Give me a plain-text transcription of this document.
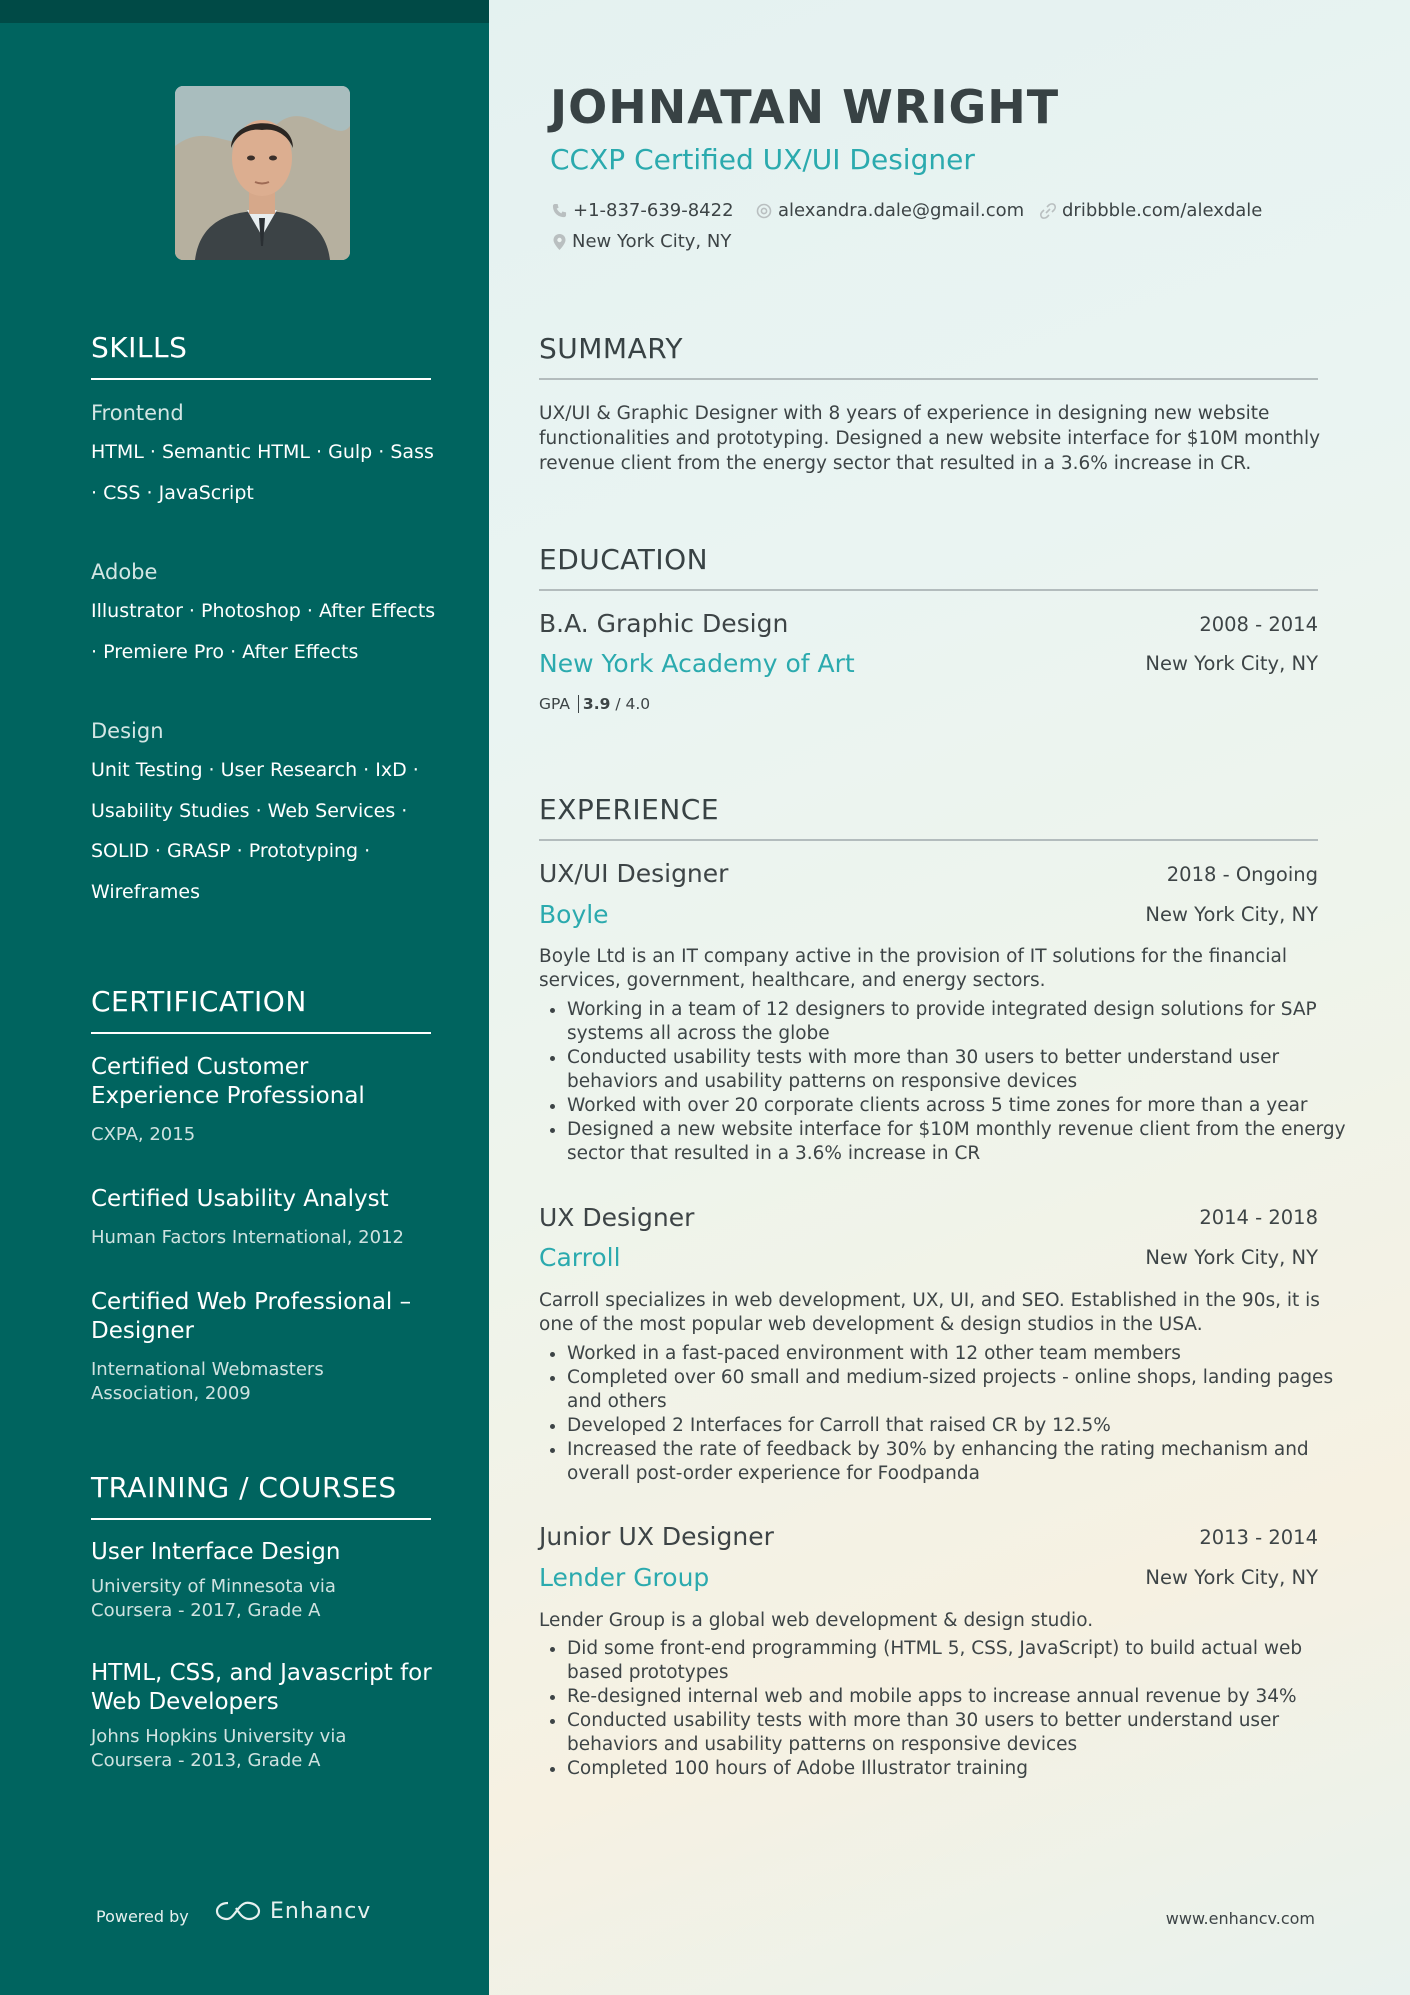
SKILLS
Frontend
HTML · Semantic HTML · Gulp · Sass · CSS · JavaScript
Adobe
Illustrator · Photoshop · After Effects · Premiere Pro · After Effects
Design
Unit Testing · User Research · IxD · Usability Studies · Web Services · SOLID · GRASP · Prototyping · Wireframes
CERTIFICATION
Certified Customer Experience Professional
CXPA, 2015
Certified Usability Analyst
Human Factors International, 2012
Certified Web Professional – Designer
International Webmasters Association, 2009
TRAINING / COURSES
User Interface Design
University of Minnesota via Coursera - 2017, Grade A
HTML, CSS, and Javascript for Web Developers
Johns Hopkins University via Coursera - 2013, Grade A
Powered by	Enhancv
JOHNATAN WRIGHT
CCXP Certified UX/UI Designer
+1-837-639-8422 alexandra.dale@gmail.com dribbble.com/alexdale
New York City, NY
SUMMARY
UX/UI & Graphic Designer with 8 years of experience in designing new website functionalities and prototyping. Designed a new website interface for $10M monthly revenue client from the energy sector that resulted in a 3.6% increase in CR.
EDUCATION
B.A. Graphic Design	2008 - 2014
New York Academy of Art	New York City, NY
GPA 3.9 / 4.0
EXPERIENCE
UX/UI Designer	2018 - Ongoing
Boyle	New York City, NY
Boyle Ltd is an IT company active in the provision of IT solutions for the financial services, government, healthcare, and energy sectors.
• Working in a team of 12 designers to provide integrated design solutions for SAP systems all across the globe
• Conducted usability tests with more than 30 users to better understand user behaviors and usability patterns on responsive devices
• Worked with over 20 corporate clients across 5 time zones for more than a year
• Designed a new website interface for $10M monthly revenue client from the energy sector that resulted in a 3.6% increase in CR
UX Designer	2014 - 2018
Carroll	New York City, NY
Carroll specializes in web development, UX, UI, and SEO. Established in the 90s, it is one of the most popular web development & design studios in the USA.
• Worked in a fast-paced environment with 12 other team members
• Completed over 60 small and medium-sized projects - online shops, landing pages and others
• Developed 2 Interfaces for Carroll that raised CR by 12.5%
• Increased the rate of feedback by 30% by enhancing the rating mechanism and overall post-order experience for Foodpanda
Junior UX Designer	2013 - 2014
Lender Group	New York City, NY
Lender Group is a global web development & design studio.
• Did some front-end programming (HTML 5, CSS, JavaScript) to build actual web based prototypes
• Re-designed internal web and mobile apps to increase annual revenue by 34%
• Conducted usability tests with more than 30 users to better understand user behaviors and usability patterns on responsive devices
• Completed 100 hours of Adobe Illustrator training
www.enhancv.com
